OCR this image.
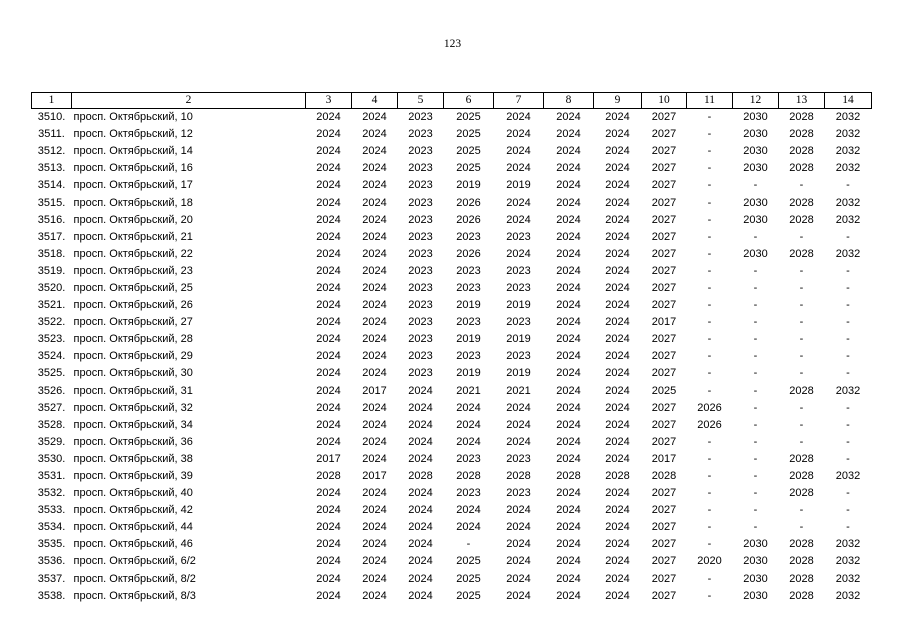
123
1	2	3	4	5	6	7	8	9	10	11	12	13	14
3510.	просп. Октябрьский, 10	2024	2024	2023	2025	2024	2024	2024	2027	-	2030	2028	2032
3511.	просп. Октябрьский, 12	2024	2024	2023	2025	2024	2024	2024	2027	-	2030	2028	2032
3512.	просп. Октябрьский, 14	2024	2024	2023	2025	2024	2024	2024	2027	-	2030	2028	2032
3513.	просп. Октябрьский, 16	2024	2024	2023	2025	2024	2024	2024	2027	-	2030	2028	2032
3514.	просп. Октябрьский, 17	2024	2024	2023	2019	2019	2024	2024	2027	-	-	-	-
3515.	просп. Октябрьский, 18	2024	2024	2023	2026	2024	2024	2024	2027	-	2030	2028	2032
3516.	просп. Октябрьский, 20	2024	2024	2023	2026	2024	2024	2024	2027	-	2030	2028	2032
3517.	просп. Октябрьский, 21	2024	2024	2023	2023	2023	2024	2024	2027	-	-	-	-
3518.	просп. Октябрьский, 22	2024	2024	2023	2026	2024	2024	2024	2027	-	2030	2028	2032
3519.	просп. Октябрьский, 23	2024	2024	2023	2023	2023	2024	2024	2027	-	-	-	-
3520.	просп. Октябрьский, 25	2024	2024	2023	2023	2023	2024	2024	2027	-	-	-	-
3521.	просп. Октябрьский, 26	2024	2024	2023	2019	2019	2024	2024	2027	-	-	-	-
3522.	просп. Октябрьский, 27	2024	2024	2023	2023	2023	2024	2024	2017	-	-	-	-
3523.	просп. Октябрьский, 28	2024	2024	2023	2019	2019	2024	2024	2027	-	-	-	-
3524.	просп. Октябрьский, 29	2024	2024	2023	2023	2023	2024	2024	2027	-	-	-	-
3525.	просп. Октябрьский, 30	2024	2024	2023	2019	2019	2024	2024	2027	-	-	-	-
3526.	просп. Октябрьский, 31	2024	2017	2024	2021	2021	2024	2024	2025	-	-	2028	2032
3527.	просп. Октябрьский, 32	2024	2024	2024	2024	2024	2024	2024	2027	2026	-	-	-
3528.	просп. Октябрьский, 34	2024	2024	2024	2024	2024	2024	2024	2027	2026	-	-	-
3529.	просп. Октябрьский, 36	2024	2024	2024	2024	2024	2024	2024	2027	-	-	-	-
3530.	просп. Октябрьский, 38	2017	2024	2024	2023	2023	2024	2024	2017	-	-	2028	-
3531.	просп. Октябрьский, 39	2028	2017	2028	2028	2028	2028	2028	2028	-	-	2028	2032
3532.	просп. Октябрьский, 40	2024	2024	2024	2023	2023	2024	2024	2027	-	-	2028	-
3533.	просп. Октябрьский, 42	2024	2024	2024	2024	2024	2024	2024	2027	-	-	-	-
3534.	просп. Октябрьский, 44	2024	2024	2024	2024	2024	2024	2024	2027	-	-	-	-
3535.	просп. Октябрьский, 46	2024	2024	2024	-	2024	2024	2024	2027	-	2030	2028	2032
3536.	просп. Октябрьский, 6/2	2024	2024	2024	2025	2024	2024	2024	2027	2020	2030	2028	2032
3537.	просп. Октябрьский, 8/2	2024	2024	2024	2025	2024	2024	2024	2027	-	2030	2028	2032
3538.	просп. Октябрьский, 8/3	2024	2024	2024	2025	2024	2024	2024	2027	-	2030	2028	2032
